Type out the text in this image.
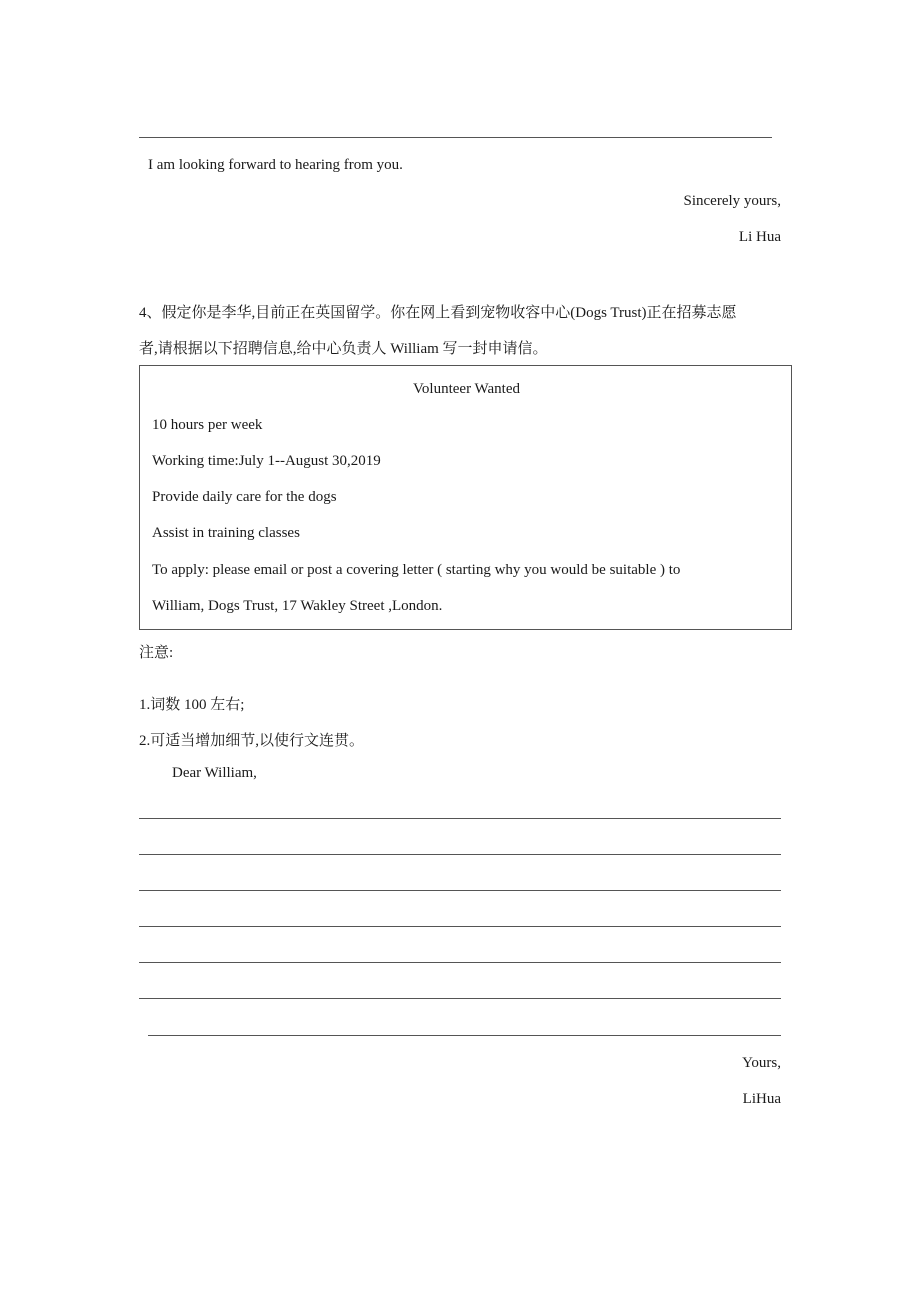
I am looking forward to hearing from you.
Sincerely yours,
Li Hua
4、假定你是李华,目前正在英国留学。你在网上看到宠物收容中心(Dogs Trust)正在招募志愿
者,请根据以下招聘信息,给中心负责人 William 写一封申请信。
Volunteer Wanted
10 hours per week
Working time:July 1--August 30,2019
Provide daily care for the dogs
Assist in training classes
To apply: please email or post a covering letter ( starting why you would be suitable ) to
William, Dogs Trust, 17 Wakley Street ,London.
注意:
1.词数 100 左右;
2.可适当增加细节,以使行文连贯。
Dear William,
Yours,
LiHua
